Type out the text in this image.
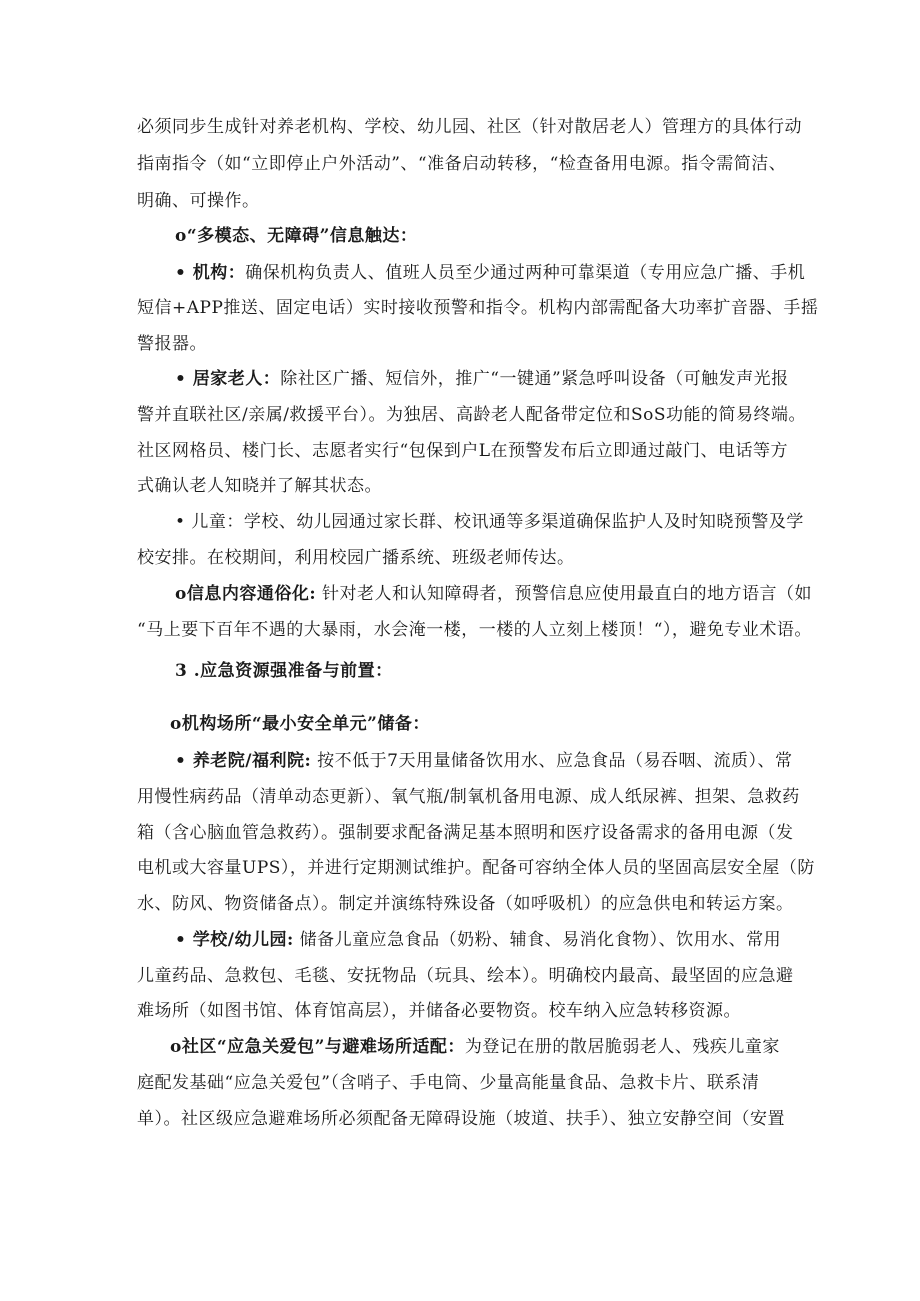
必须同步生成针对养老机构、学校、幼儿园、社区（针对散居老人）管理方的具体行动
指南指令（如“立即停止户外活动”、“准备启动转移，“检查备用电源。指令需简洁、
明确、可操作。
o“多模态、无障碍”信息触达：
• 机构：确保机构负责人、值班人员至少通过两种可靠渠道（专用应急广播、手机
短信+APP推送、固定电话）实时接收预警和指令。机构内部需配备大功率扩音器、手摇
警报器。
• 居家老人：除社区广播、短信外，推广“一键通”紧急呼叫设备（可触发声光报
警并直联社区/亲属/救援平台）。为独居、高龄老人配备带定位和SoS功能的简易终端。
社区网格员、楼门长、志愿者实行“包保到户L在预警发布后立即通过敲门、电话等方
式确认老人知晓并了解其状态。
• 儿童：学校、幼儿园通过家长群、校讯通等多渠道确保监护人及时知晓预警及学
校安排。在校期间，利用校园广播系统、班级老师传达。
o信息内容通俗化: 针对老人和认知障碍者，预警信息应使用最直白的地方语言（如
“马上要下百年不遇的大暴雨，水会淹一楼，一楼的人立刻上楼顶！“），避免专业术语。
3 .应急资源强准备与前置：
o机构场所“最小安全单元”储备：
• 养老院/福利院: 按不低于7天用量储备饮用水、应急食品（易吞咽、流质）、常
用慢性病药品（清单动态更新）、氧气瓶/制氧机备用电源、成人纸尿裤、担架、急救药
箱（含心脑血管急救药）。强制要求配备满足基本照明和医疗设备需求的备用电源（发
电机或大容量UPS），并进行定期测试维护。配备可容纳全体人员的坚固高层安全屋（防
水、防风、物资储备点）。制定并演练特殊设备（如呼吸机）的应急供电和转运方案。
• 学校/幼儿园: 储备儿童应急食品（奶粉、辅食、易消化食物）、饮用水、常用
儿童药品、急救包、毛毯、安抚物品（玩具、绘本）。明确校内最高、最坚固的应急避
难场所（如图书馆、体育馆高层），并储备必要物资。校车纳入应急转移资源。
o社区“应急关爱包”与避难场所适配：为登记在册的散居脆弱老人、残疾儿童家
庭配发基础“应急关爱包”（含哨子、手电筒、少量高能量食品、急救卡片、联系清
单）。社区级应急避难场所必须配备无障碍设施（坡道、扶手）、独立安静空间（安置
